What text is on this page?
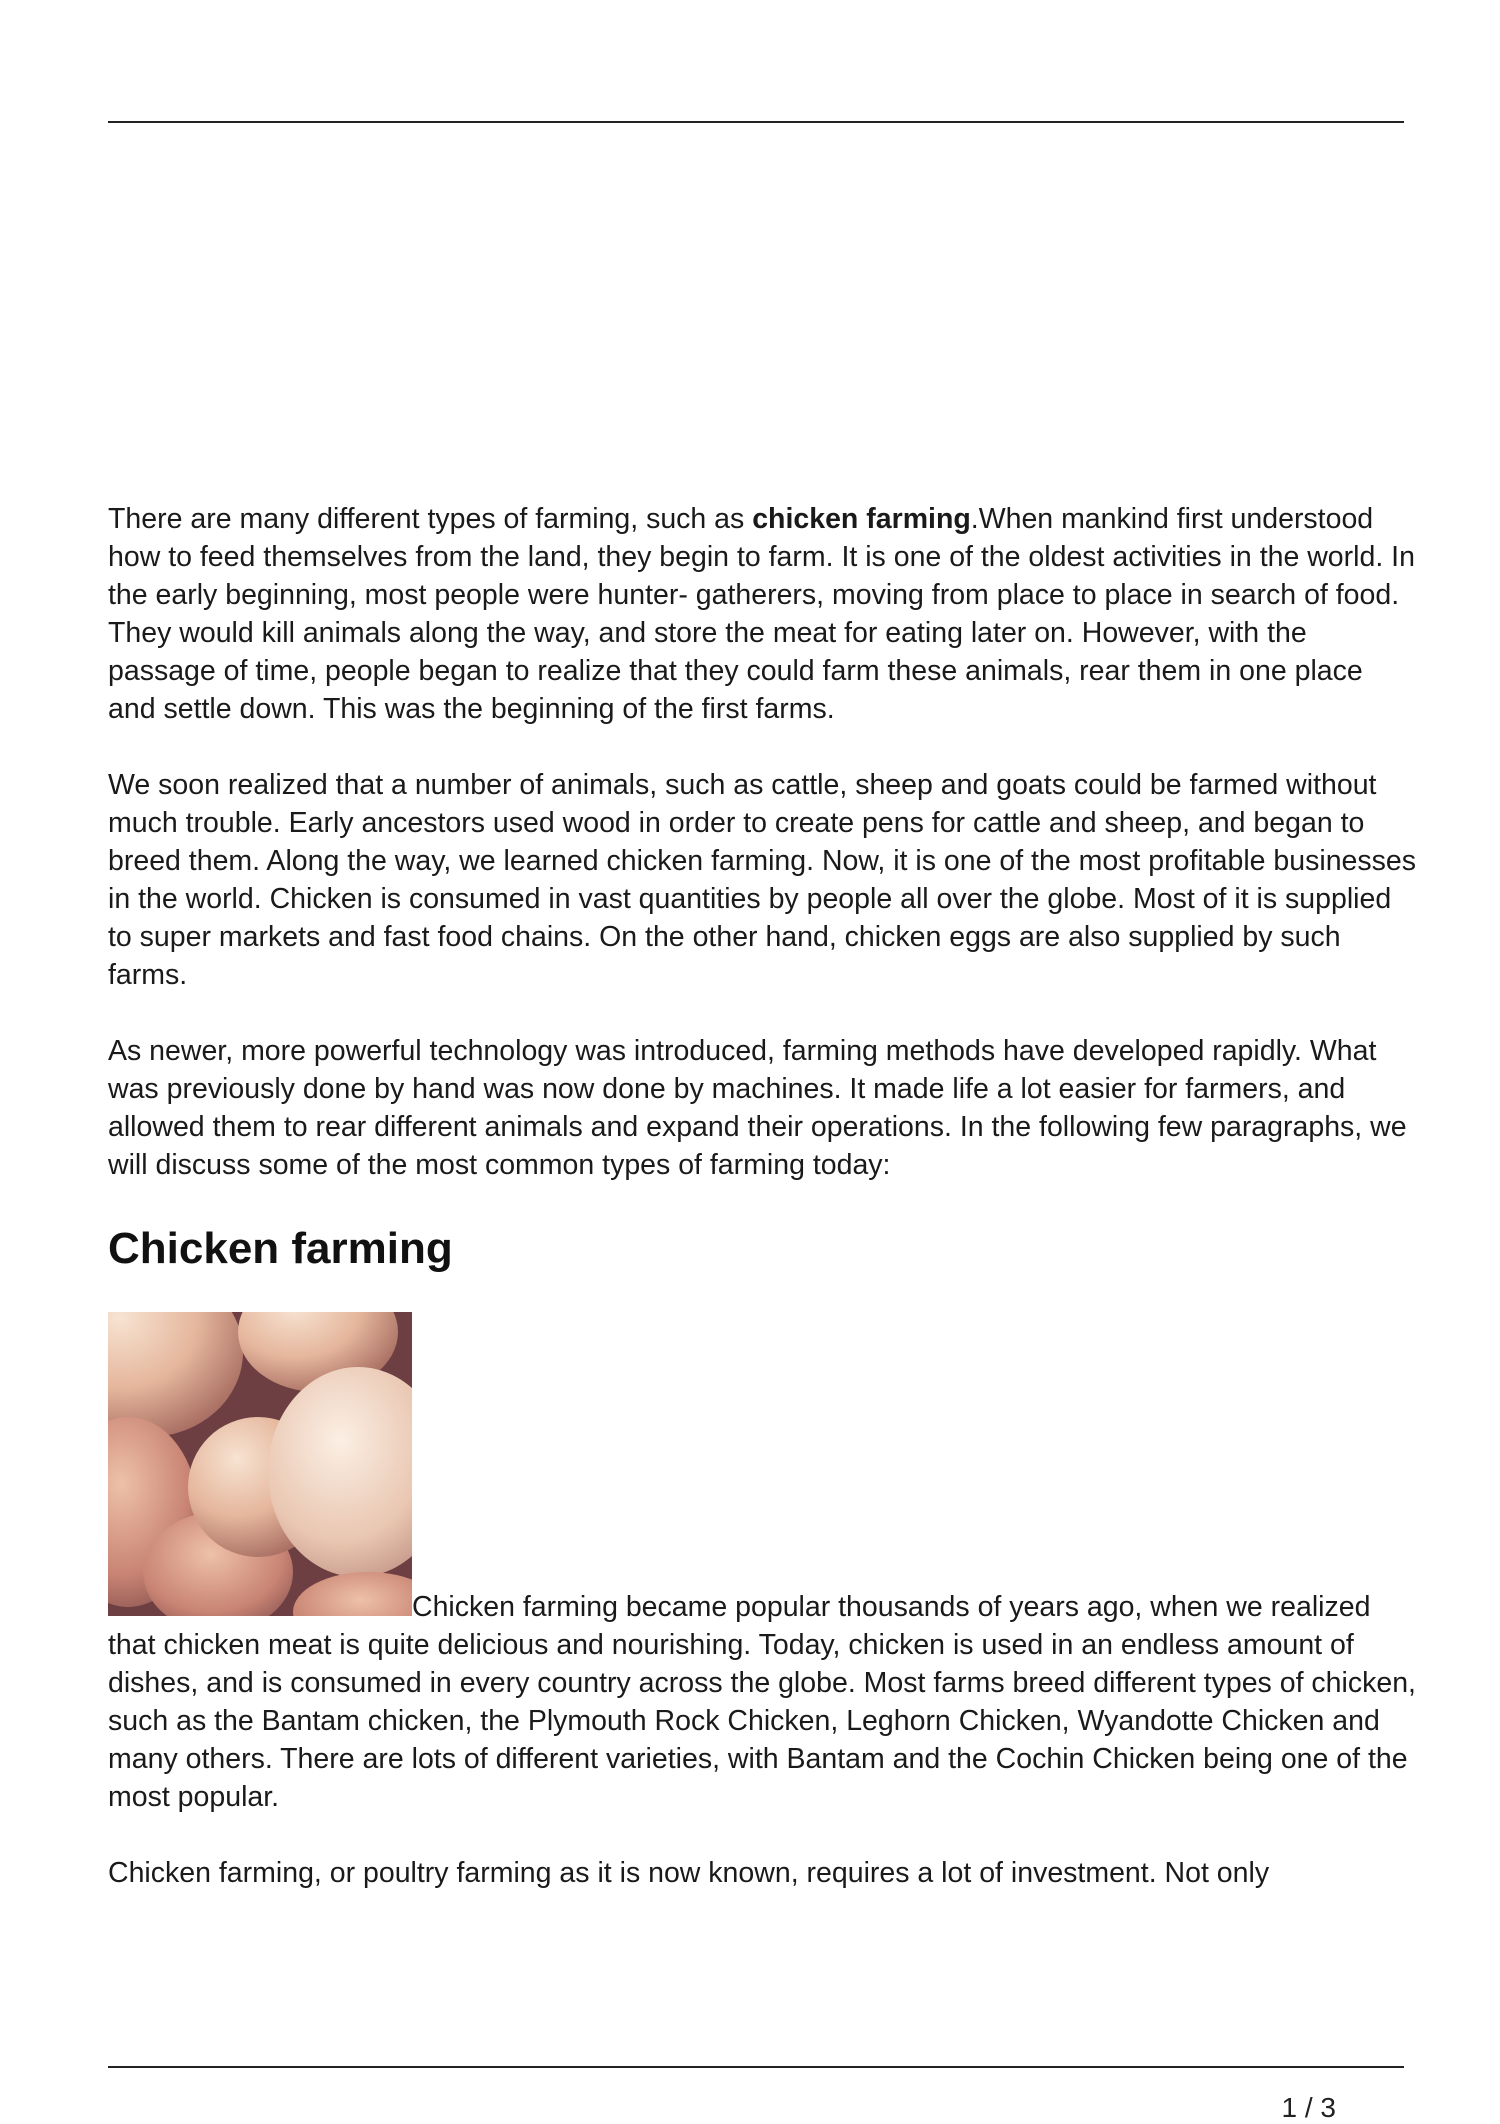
There are many different types of farming, such as chicken farming.When mankind first understood how to feed themselves from the land, they begin to farm. It is one of the oldest activities in the world. In the early beginning, most people were hunter- gatherers, moving from place to place in search of food. They would kill animals along the way, and store the meat for eating later on. However, with the passage of time, people began to realize that they could farm these animals, rear them in one place and settle down. This was the beginning of the first farms.

We soon realized that a number of animals, such as cattle, sheep and goats could be farmed without much trouble. Early ancestors used wood in order to create pens for cattle and sheep, and began to breed them. Along the way, we learned chicken farming. Now, it is one of the most profitable businesses in the world. Chicken is consumed in vast quantities by people all over the globe. Most of it is supplied to super markets and fast food chains. On the other hand, chicken eggs are also supplied by such farms.

As newer, more powerful technology was introduced, farming methods have developed rapidly. What was previously done by hand was now done by machines. It made life a lot easier for farmers, and allowed them to rear different animals and expand their operations. In the following few paragraphs, we will discuss some of the most common types of farming today:

Chicken farming

Chicken farming became popular thousands of years ago, when we realized that chicken meat is quite delicious and nourishing. Today, chicken is used in an endless amount of dishes, and is consumed in every country across the globe. Most farms breed different types of chicken, such as the Bantam chicken, the Plymouth Rock Chicken, Leghorn Chicken, Wyandotte Chicken and many others. There are lots of different varieties, with Bantam and the Cochin Chicken being one of the most popular.

Chicken farming, or poultry farming as it is now known, requires a lot of investment. Not only

1 / 3
